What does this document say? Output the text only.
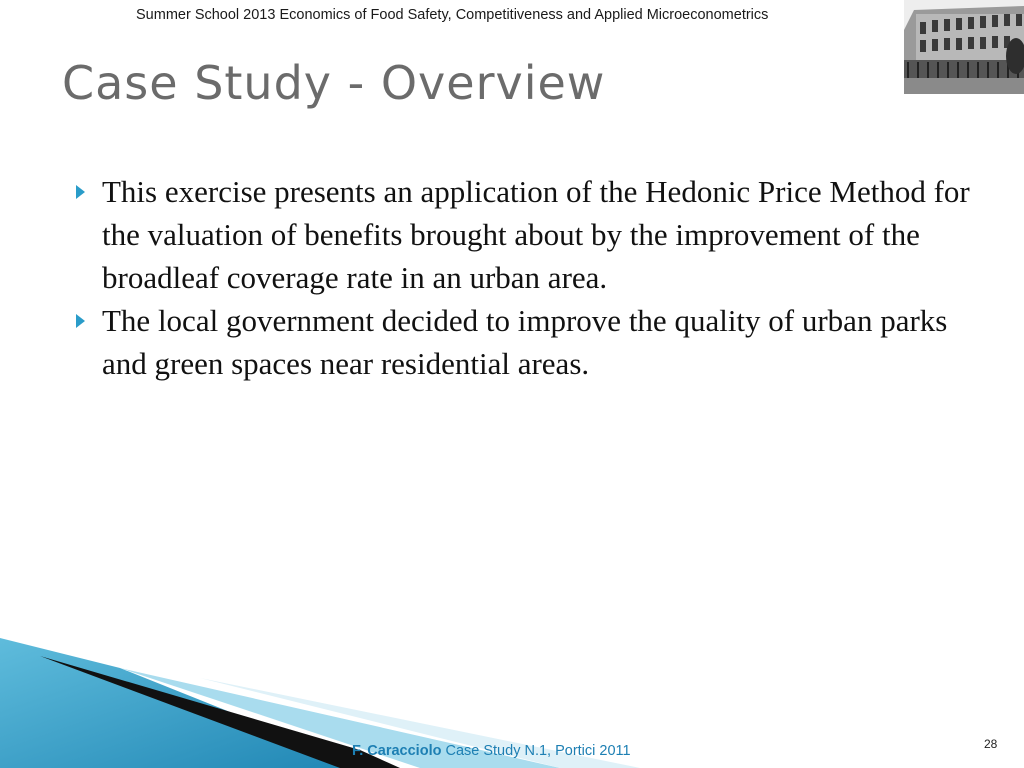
Summer School 2013 Economics of Food Safety, Competitiveness and Applied Microeconometrics
Case Study - Overview
This exercise presents an application of the Hedonic Price Method for the valuation of benefits brought about by the improvement of the broadleaf coverage rate in an urban area.
The local government decided to improve the quality of urban parks and green spaces near residential areas.
F. Caracciolo Case Study N.1, Portici 2011	28
